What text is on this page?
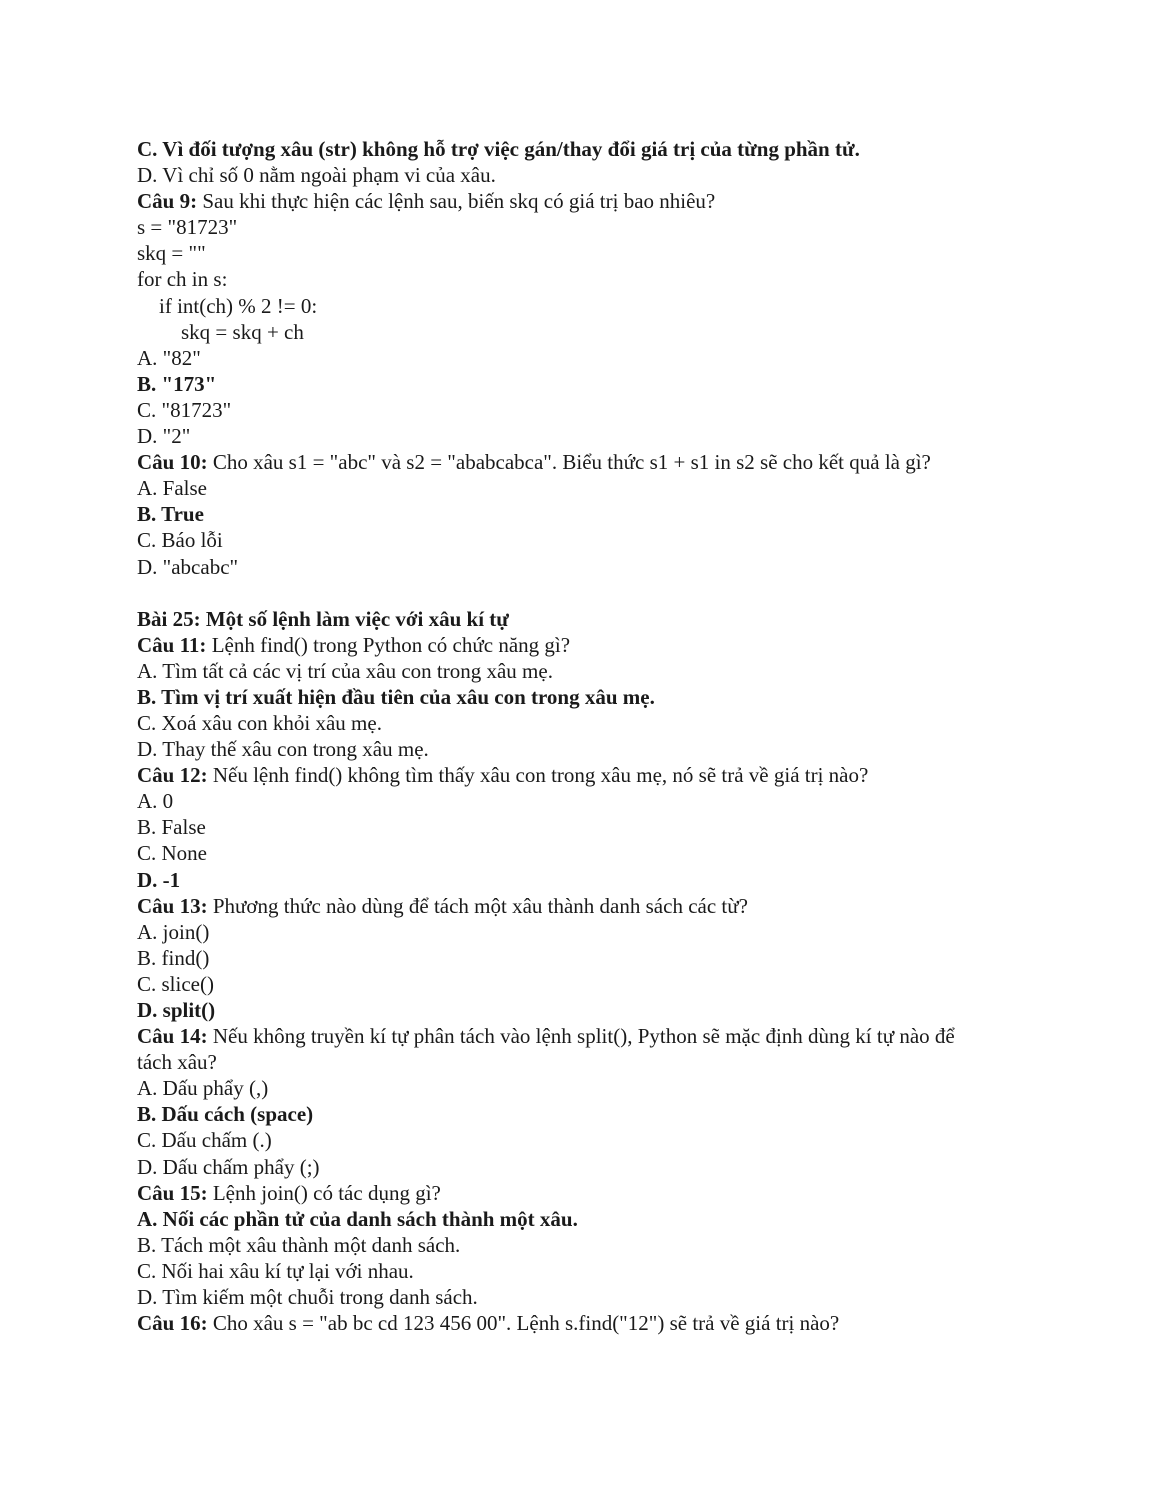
C. Vì đối tượng xâu (str) không hỗ trợ việc gán/thay đổi giá trị của từng phần tử.

D. Vì chỉ số 0 nằm ngoài phạm vi của xâu.

Câu 9: Sau khi thực hiện các lệnh sau, biến skq có giá trị bao nhiêu?

s = "81723"

skq = ""

for ch in s:

if int(ch) % 2 != 0:

skq = skq + ch

A. "82"

B. "173"

C. "81723"

D. "2"

Câu 10: Cho xâu s1 = "abc" và s2 = "ababcabca". Biểu thức s1 + s1 in s2 sẽ cho kết quả là gì?

A. False

B. True

C. Báo lỗi

D. "abcabc"

Bài 25: Một số lệnh làm việc với xâu kí tự

Câu 11: Lệnh find() trong Python có chức năng gì?

A. Tìm tất cả các vị trí của xâu con trong xâu mẹ.

B. Tìm vị trí xuất hiện đầu tiên của xâu con trong xâu mẹ.

C. Xoá xâu con khỏi xâu mẹ.

D. Thay thế xâu con trong xâu mẹ.

Câu 12: Nếu lệnh find() không tìm thấy xâu con trong xâu mẹ, nó sẽ trả về giá trị nào?

A. 0

B. False

C. None

D. -1

Câu 13: Phương thức nào dùng để tách một xâu thành danh sách các từ?

A. join()

B. find()

C. slice()

D. split()

Câu 14: Nếu không truyền kí tự phân tách vào lệnh split(), Python sẽ mặc định dùng kí tự nào để

tách xâu?

A. Dấu phẩy (,)

B. Dấu cách (space)

C. Dấu chấm (.)

D. Dấu chấm phẩy (;)

Câu 15: Lệnh join() có tác dụng gì?

A. Nối các phần tử của danh sách thành một xâu.

B. Tách một xâu thành một danh sách.

C. Nối hai xâu kí tự lại với nhau.

D. Tìm kiếm một chuỗi trong danh sách.

Câu 16: Cho xâu s = "ab bc cd 123 456 00". Lệnh s.find("12") sẽ trả về giá trị nào?
